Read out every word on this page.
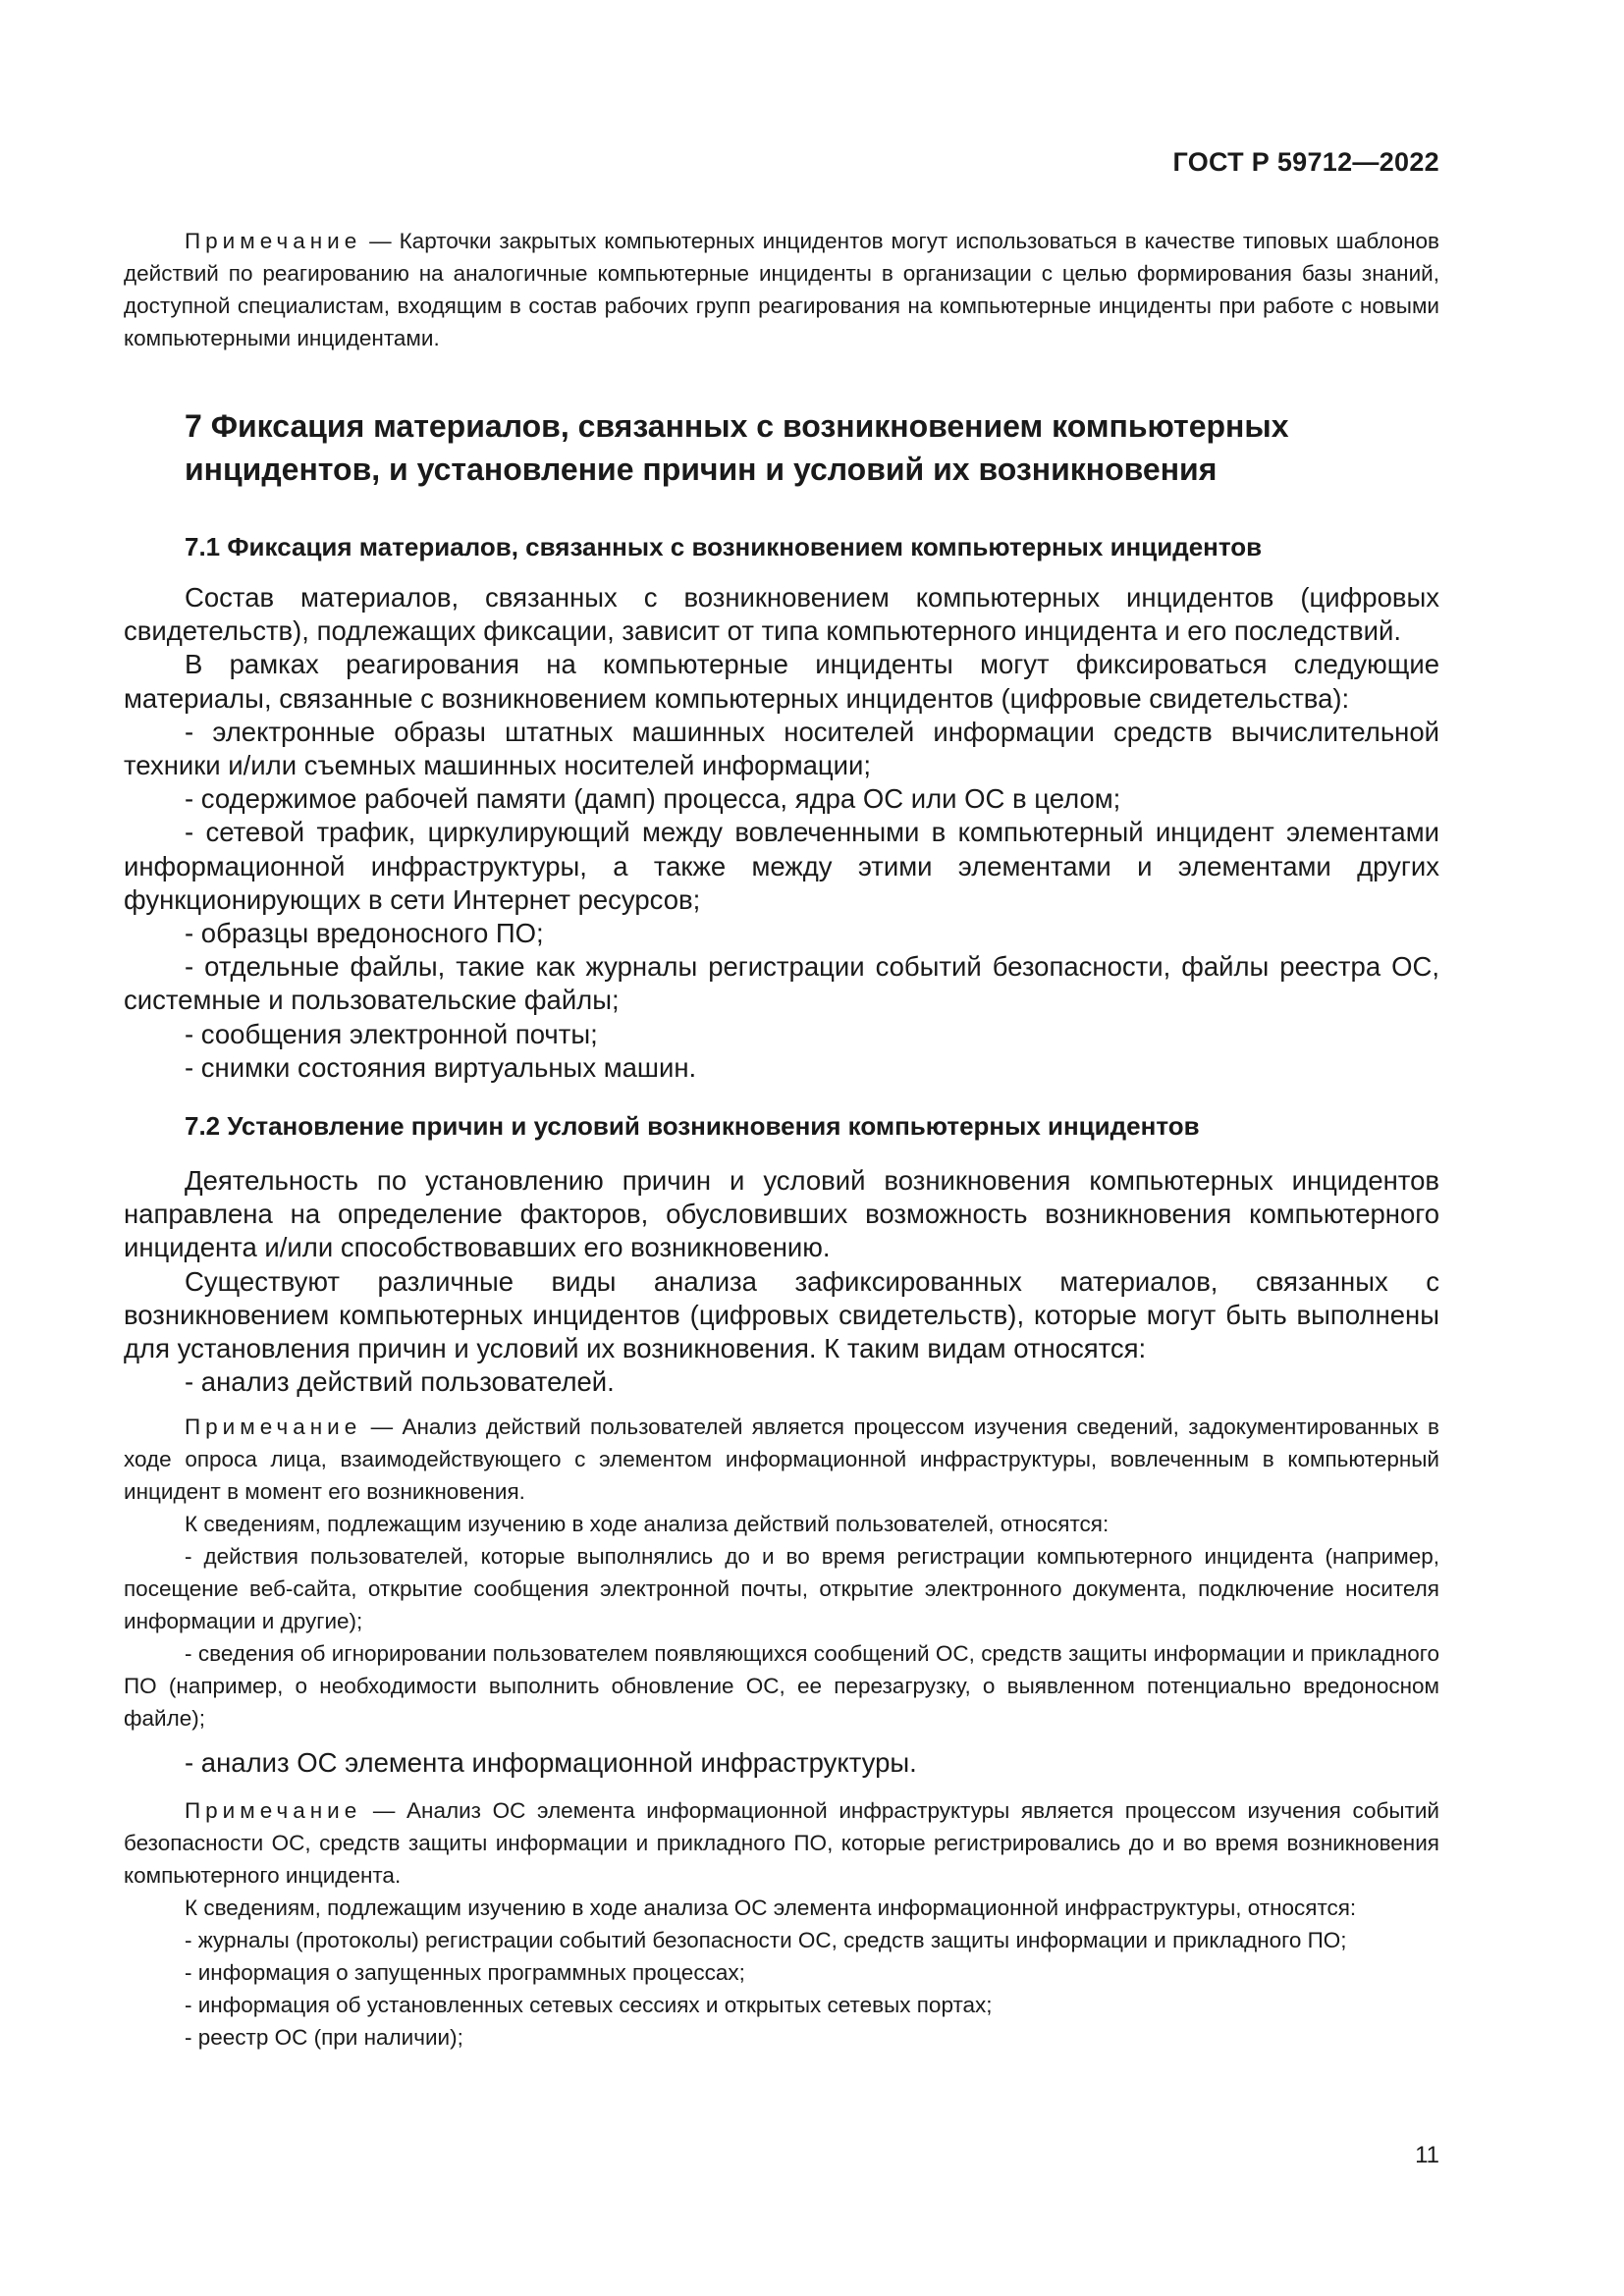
ГОСТ Р 59712—2022

Примечание — Карточки закрытых компьютерных инцидентов могут использоваться в качестве типовых шаблонов действий по реагированию на аналогичные компьютерные инциденты в организации с целью формирования базы знаний, доступной специалистам, входящим в состав рабочих групп реагирования на компьютерные инциденты при работе с новыми компьютерными инцидентами.

7 Фиксация материалов, связанных с возникновением компьютерных инцидентов, и установление причин и условий их возникновения
7.1 Фиксация материалов, связанных с возникновением компьютерных инцидентов

Состав материалов, связанных с возникновением компьютерных инцидентов (цифровых свидетельств), подлежащих фиксации, зависит от типа компьютерного инцидента и его последствий.

В рамках реагирования на компьютерные инциденты могут фиксироваться следующие материалы, связанные с возникновением компьютерных инцидентов (цифровые свидетельства):

- электронные образы штатных машинных носителей информации средств вычислительной техники и/или съемных машинных носителей информации;

- содержимое рабочей памяти (дамп) процесса, ядра ОС или ОС в целом;

- сетевой трафик, циркулирующий между вовлеченными в компьютерный инцидент элементами информационной инфраструктуры, а также между этими элементами и элементами других функционирующих в сети Интернет ресурсов;

- образцы вредоносного ПО;

- отдельные файлы, такие как журналы регистрации событий безопасности, файлы реестра ОС, системные и пользовательские файлы;

- сообщения электронной почты;

- снимки состояния виртуальных машин.

7.2 Установление причин и условий возникновения компьютерных инцидентов

Деятельность по установлению причин и условий возникновения компьютерных инцидентов направлена на определение факторов, обусловивших возможность возникновения компьютерного инцидента и/или способствовавших его возникновению.

Существуют различные виды анализа зафиксированных материалов, связанных с возникновением компьютерных инцидентов (цифровых свидетельств), которые могут быть выполнены для установления причин и условий их возникновения. К таким видам относятся:

- анализ действий пользователей.

Примечание — Анализ действий пользователей является процессом изучения сведений, задокументированных в ходе опроса лица, взаимодействующего с элементом информационной инфраструктуры, вовлеченным в компьютерный инцидент в момент его возникновения.

К сведениям, подлежащим изучению в ходе анализа действий пользователей, относятся:

- действия пользователей, которые выполнялись до и во время регистрации компьютерного инцидента (например, посещение веб-сайта, открытие сообщения электронной почты, открытие электронного документа, подключение носителя информации и другие);

- сведения об игнорировании пользователем появляющихся сообщений ОС, средств защиты информации и прикладного ПО (например, о необходимости выполнить обновление ОС, ее перезагрузку, о выявленном потенциально вредоносном файле);

- анализ ОС элемента информационной инфраструктуры.

Примечание — Анализ ОС элемента информационной инфраструктуры является процессом изучения событий безопасности ОС, средств защиты информации и прикладного ПО, которые регистрировались до и во время возникновения компьютерного инцидента.

К сведениям, подлежащим изучению в ходе анализа ОС элемента информационной инфраструктуры, относятся:

- журналы (протоколы) регистрации событий безопасности ОС, средств защиты информации и прикладного ПО;

- информация о запущенных программных процессах;

- информация об установленных сетевых сессиях и открытых сетевых портах;

- реестр ОС (при наличии);

11
